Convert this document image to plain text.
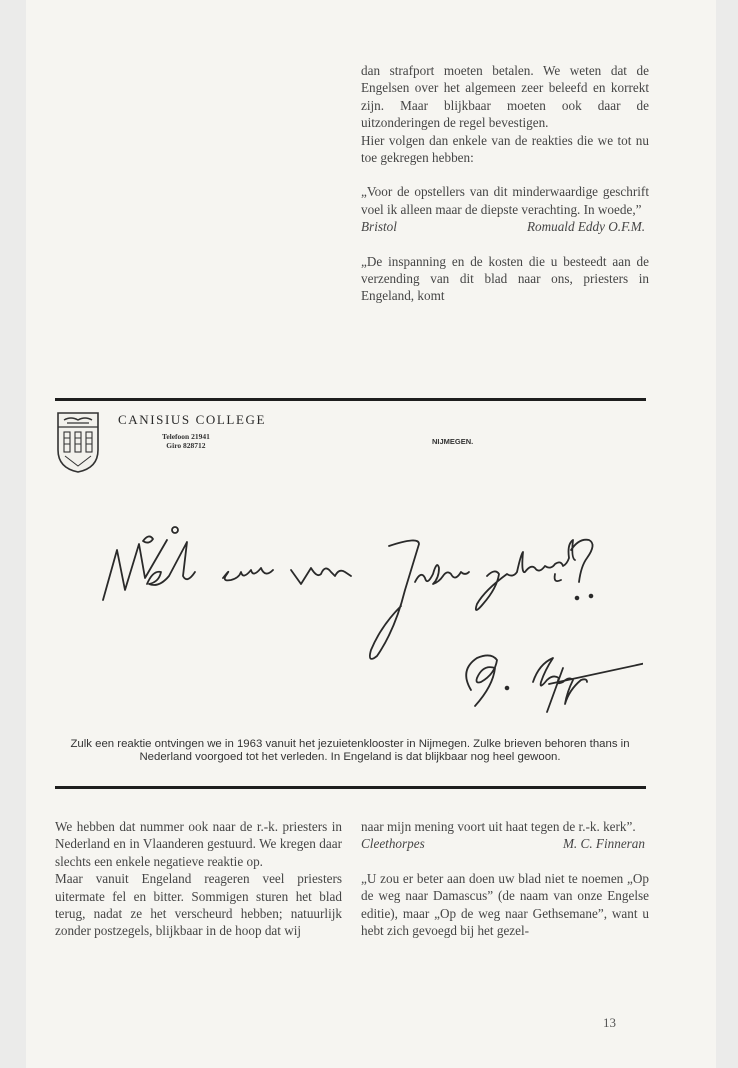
dan strafport moeten betalen. We weten dat de Engelsen over het algemeen zeer beleefd en korrekt zijn. Maar blijkbaar moeten ook daar de uitzonderingen de regel bevestigen.

Hier volgen dan enkele van de reakties die we tot nu toe gekregen hebben:

„Voor de opstellers van dit minderwaardige geschrift voel ik alleen maar de diepste verachting. In woede,”

Bristol	Romuald Eddy O.F.M.

„De inspanning en de kosten die u besteedt aan de verzending van dit blad naar ons, priesters in Engeland, komt

CANISIUS COLLEGE
Telefoon 21941
Giro 828712	NIJMEGEN.
Zulk een reaktie ontvingen we in 1963 vanuit het jezuietenklooster in Nijmegen. Zulke brieven behoren thans in Nederland voorgoed tot het verleden. In Engeland is dat blijkbaar nog heel gewoon.

We hebben dat nummer ook naar de r.-k. priesters in Nederland en in Vlaanderen gestuurd. We kregen daar slechts een enkele negatieve reaktie op.

Maar vanuit Engeland reageren veel priesters uitermate fel en bitter. Sommigen sturen het blad terug, nadat ze het verscheurd hebben; natuurlijk zonder postzegels, blijkbaar in de hoop dat wij

naar mijn mening voort uit haat tegen de r.-k. kerk”.

Cleethorpes	M. C. Finneran

„U zou er beter aan doen uw blad niet te noemen „Op de weg naar Damascus” (de naam van onze Engelse editie), maar „Op de weg naar Gethsemane”, want u hebt zich gevoegd bij het gezel-

13
